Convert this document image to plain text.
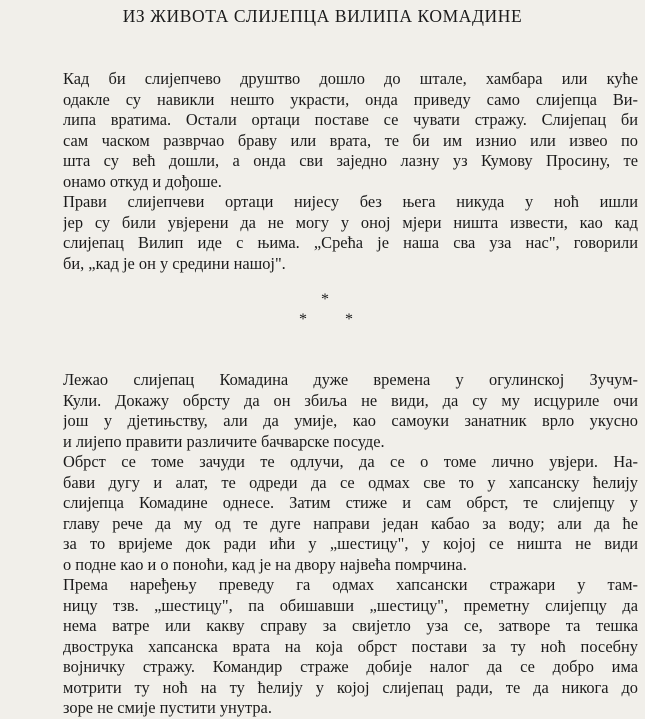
ИЗ ЖИВОТА СЛИЈЕПЦА ВИЛИПА КОМАДИНЕ
Кад би слијепчево друштво дошло до штале, хамбара или куће
одакле су навикли нешто украсти, онда приведу само слијепца Ви-
липа вратима. Остали ортаци поставе се чувати стражу. Слијепац би
сам часком разврчао браву или врата, те би им изнио или извео по
шта су већ дошли, а онда сви заједно лазну уз Кумову Просину, те
онамо откуд и дођоше.
Прави слијепчеви ортаци нијесу без њега никуда у ноћ ишли
јер су били увјерени да не могу у оној мјери ништа извести, као кад
слијепац Вилип иде с њима. „Срећа је наша сва уза нас", говорили
би, „кад је он у средини нашој".
*
* *
Лежао слијепац Комадина дуже времена у огулинској Зучум-
Кули. Докажу обрсту да он збиља не види, да су му исцуриле очи
још у дјетињству, али да умије, као самоуки занатник врло укусно
и лијепо правити различите бачварске посуде.
Обрст се томе зачуди те одлучи, да се о томе лично увјери. На-
бави дугу и алат, те одреди да се одмах све то у хапсанску ћелију
слијепца Комадине однесе. Затим стиже и сам обрст, те слијепцу у
главу рече да му од те дуге направи један кабао за воду; али да ће
за то вријеме док ради ићи у „шестицу", у којој се ништа не види
о подне као и о поноћи, кад је на двору највећа помрчина.
Према наређењу преведу га одмах хапсански стражари у там-
ницу тзв. „шестицу", па обишавши „шестицу", преметну слијепцу да
нема ватре или какву справу за свијетло уза се, затворе та тешка
двострука хапсанска врата на која обрст постави за ту ноћ посебну
војничку стражу. Командир страже добије налог да се добро има
мотрити ту ноћ на ту ћелију у којој слијепац ради, те да никога до
зоре не смије пустити унутра.
